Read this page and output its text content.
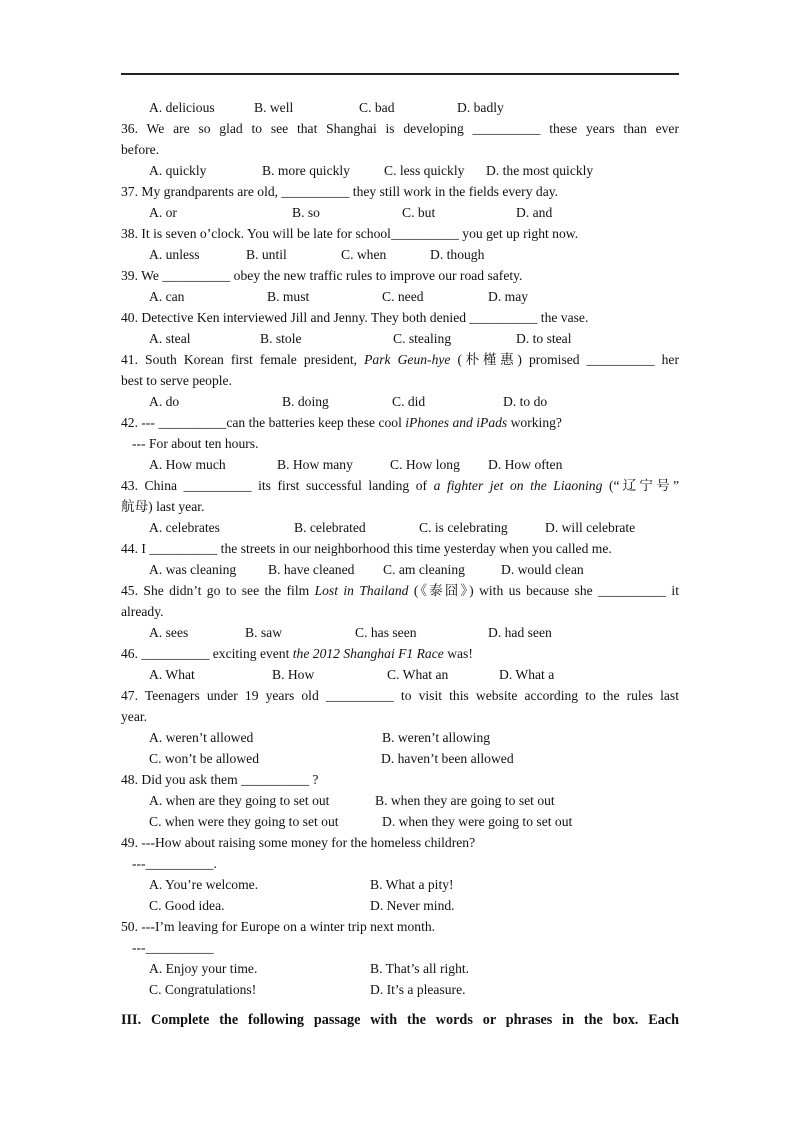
A. delicious	B. well	C. bad	D. badly
36. We are so glad to see that Shanghai is developing __________ these years than ever
before.
A. quickly	B. more quickly	C. less quickly D. the most quickly
37. My grandparents are old, __________ they still work in the fields every day.
A. or	B. so	C. but	D. and
38. It is seven o’clock. You will be late for school__________ you get up right now.
A. unless	B. until	C. when	D. though
39. We __________ obey the new traffic rules to improve our road safety.
A. can	B. must	C. need	D. may
40. Detective Ken interviewed Jill and Jenny. They both denied __________ the vase.
A. steal	B. stole	C. stealing	D. to steal
41. South Korean first female president, Park Geun-hye (朴槿惠) promised __________ her
best to serve people.
A. do	B. doing	C. did	D. to do
42. --- __________can the batteries keep these cool iPhones and iPads working?
--- For about ten hours.
A. How much	B. How many	C. How long D. How often
43. China __________ its first successful landing of a fighter jet on the Liaoning (“辽宁号”
航母) last year.
A. celebrates	B. celebrated	C. is celebrating	D. will celebrate
44. I __________ the streets in our neighborhood this time yesterday when you called me.
A. was cleaning B. have cleaned C. am cleaning	D. would clean
45. She didn’t go to see the film Lost in Thailand (《泰囧》) with us because she __________ it
already.
A. sees	B. saw	C. has seen	D. had seen
46. __________ exciting event the 2012 Shanghai F1 Race was!
A. What	B. How	C. What an	D. What a
47. Teenagers under 19 years old __________ to visit this website according to the rules last
year.
A. weren’t allowed	B. weren’t allowing
C. won’t be allowed	D. haven’t been allowed
48. Did you ask them __________ ?
A. when are they going to set out	B. when they are going to set out
C. when were they going to set out	D. when they were going to set out
49. ---How about raising some money for the homeless children?
---__________.
A. You’re welcome.	B. What a pity!
C. Good idea.	D. Never mind.
50. ---I’m leaving for Europe on a winter trip next month.
---__________
A. Enjoy your time.	B. That’s all right.
C. Congratulations!	D. It’s a pleasure.
III. Complete the following passage with the words or phrases in the box. Each
